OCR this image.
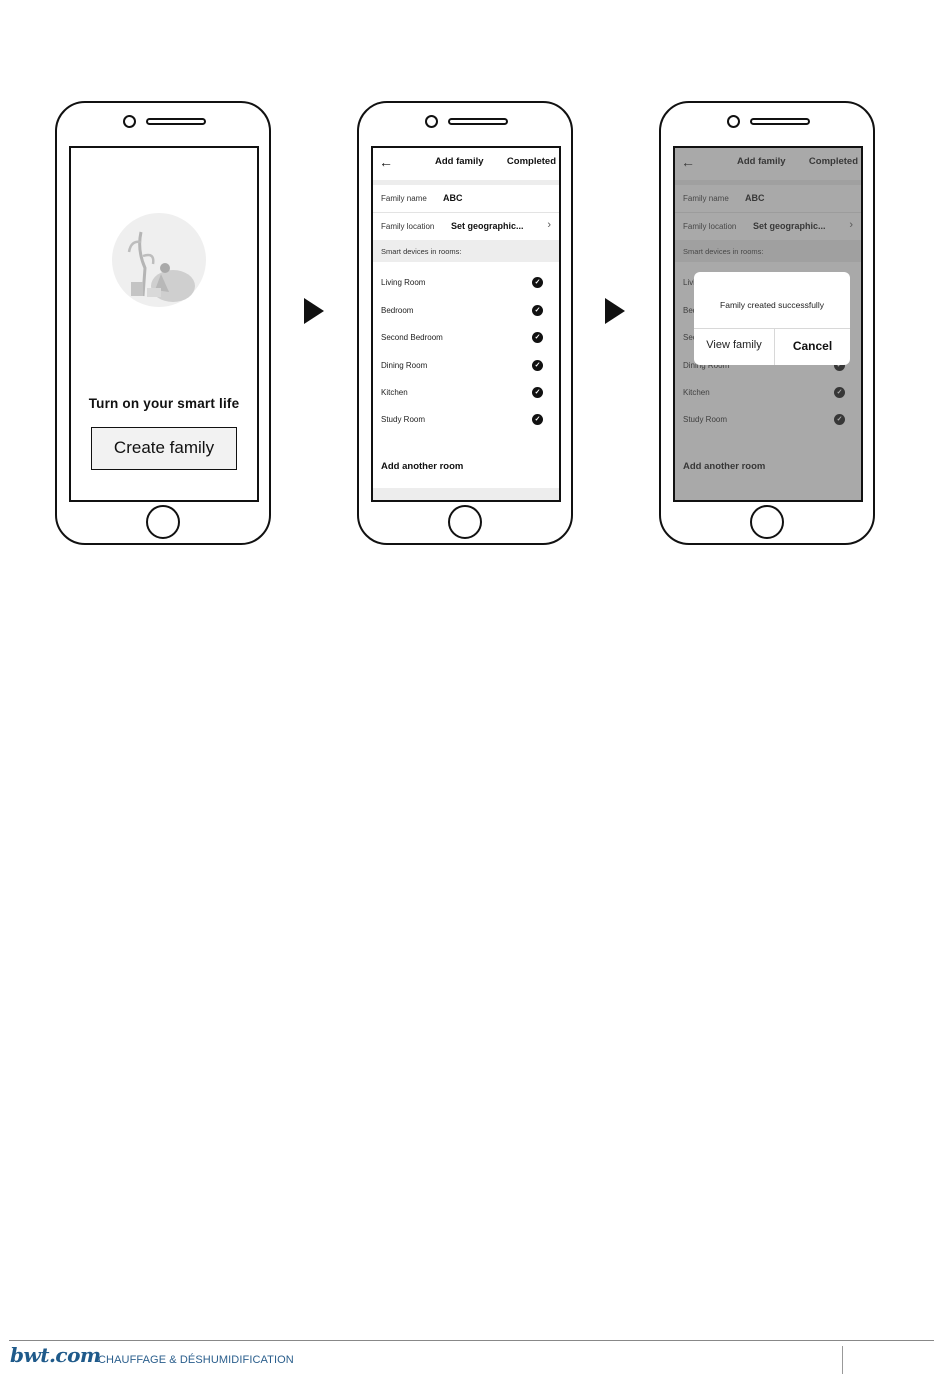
Turn on your smart life
Create family
←	Add family Completed
Family name ABC
Family location Set geographic... ›
Smart devices in rooms:
Living Room	✓
Bedroom	✓
Second Bedroom	✓
Dining Room	✓
Kitchen	✓
Study Room	✓
Add another room
Family created successfully
View family	Cancel
bwt.com
CHAUFFAGE & DÉSHUMIDIFICATION
